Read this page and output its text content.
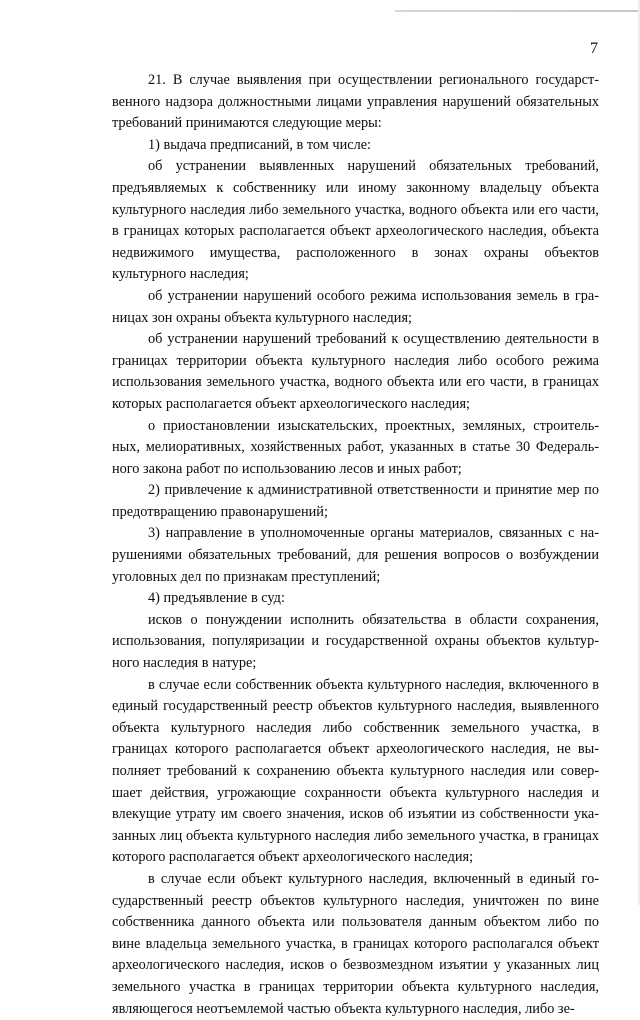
7

21. В случае выявления при осуществлении регионального государственного надзора должностными лицами управления нарушений обязательных требований принимаются следующие меры:

1) выдача предписаний, в том числе:

об устранении выявленных нарушений обязательных требований, предъявляемых к собственнику или иному законному владельцу объекта культурного наследия либо земельного участка, водного объекта или его части, в границах которых располагается объект археологического наследия, объекта недвижимого имущества, расположенного в зонах охраны объектов культурного наследия;

об устранении нарушений особого режима использования земель в границах зон охраны объекта культурного наследия;

об устранении нарушений требований к осуществлению деятельности в границах территории объекта культурного наследия либо особого режима использования земельного участка, водного объекта или его части, в границах которых располагается объект археологического наследия;

о приостановлении изыскательских, проектных, земляных, строительных, мелиоративных, хозяйственных работ, указанных в статье 30 Федерального закона работ по использованию лесов и иных работ;

2) привлечение к административной ответственности и принятие мер по предотвращению правонарушений;

3) направление в уполномоченные органы материалов, связанных с нарушениями обязательных требований, для решения вопросов о возбуждении уголовных дел по признакам преступлений;

4) предъявление в суд:

исков о понуждении исполнить обязательства в области сохранения, использования, популяризации и государственной охраны объектов культурного наследия в натуре;

в случае если собственник объекта культурного наследия, включенного в единый государственный реестр объектов культурного наследия, выявленного объекта культурного наследия либо собственник земельного участка, в границах которого располагается объект археологического наследия, не выполняет требований к сохранению объекта культурного наследия или совершает действия, угрожающие сохранности объекта культурного наследия и влекущие утрату им своего значения, исков об изъятии из собственности указанных лиц объекта культурного наследия либо земельного участка, в границах которого располагается объект археологического наследия;

в случае если объект культурного наследия, включенный в единый государственный реестр объектов культурного наследия, уничтожен по вине собственника данного объекта или пользователя данным объектом либо по вине владельца земельного участка, в границах которого располагался объект археологического наследия, исков о безвозмездном изъятии у указанных лиц земельного участка в границах территории объекта культурного наследия, являющегося неотъемлемой частью объекта культурного наследия, либо зе-
